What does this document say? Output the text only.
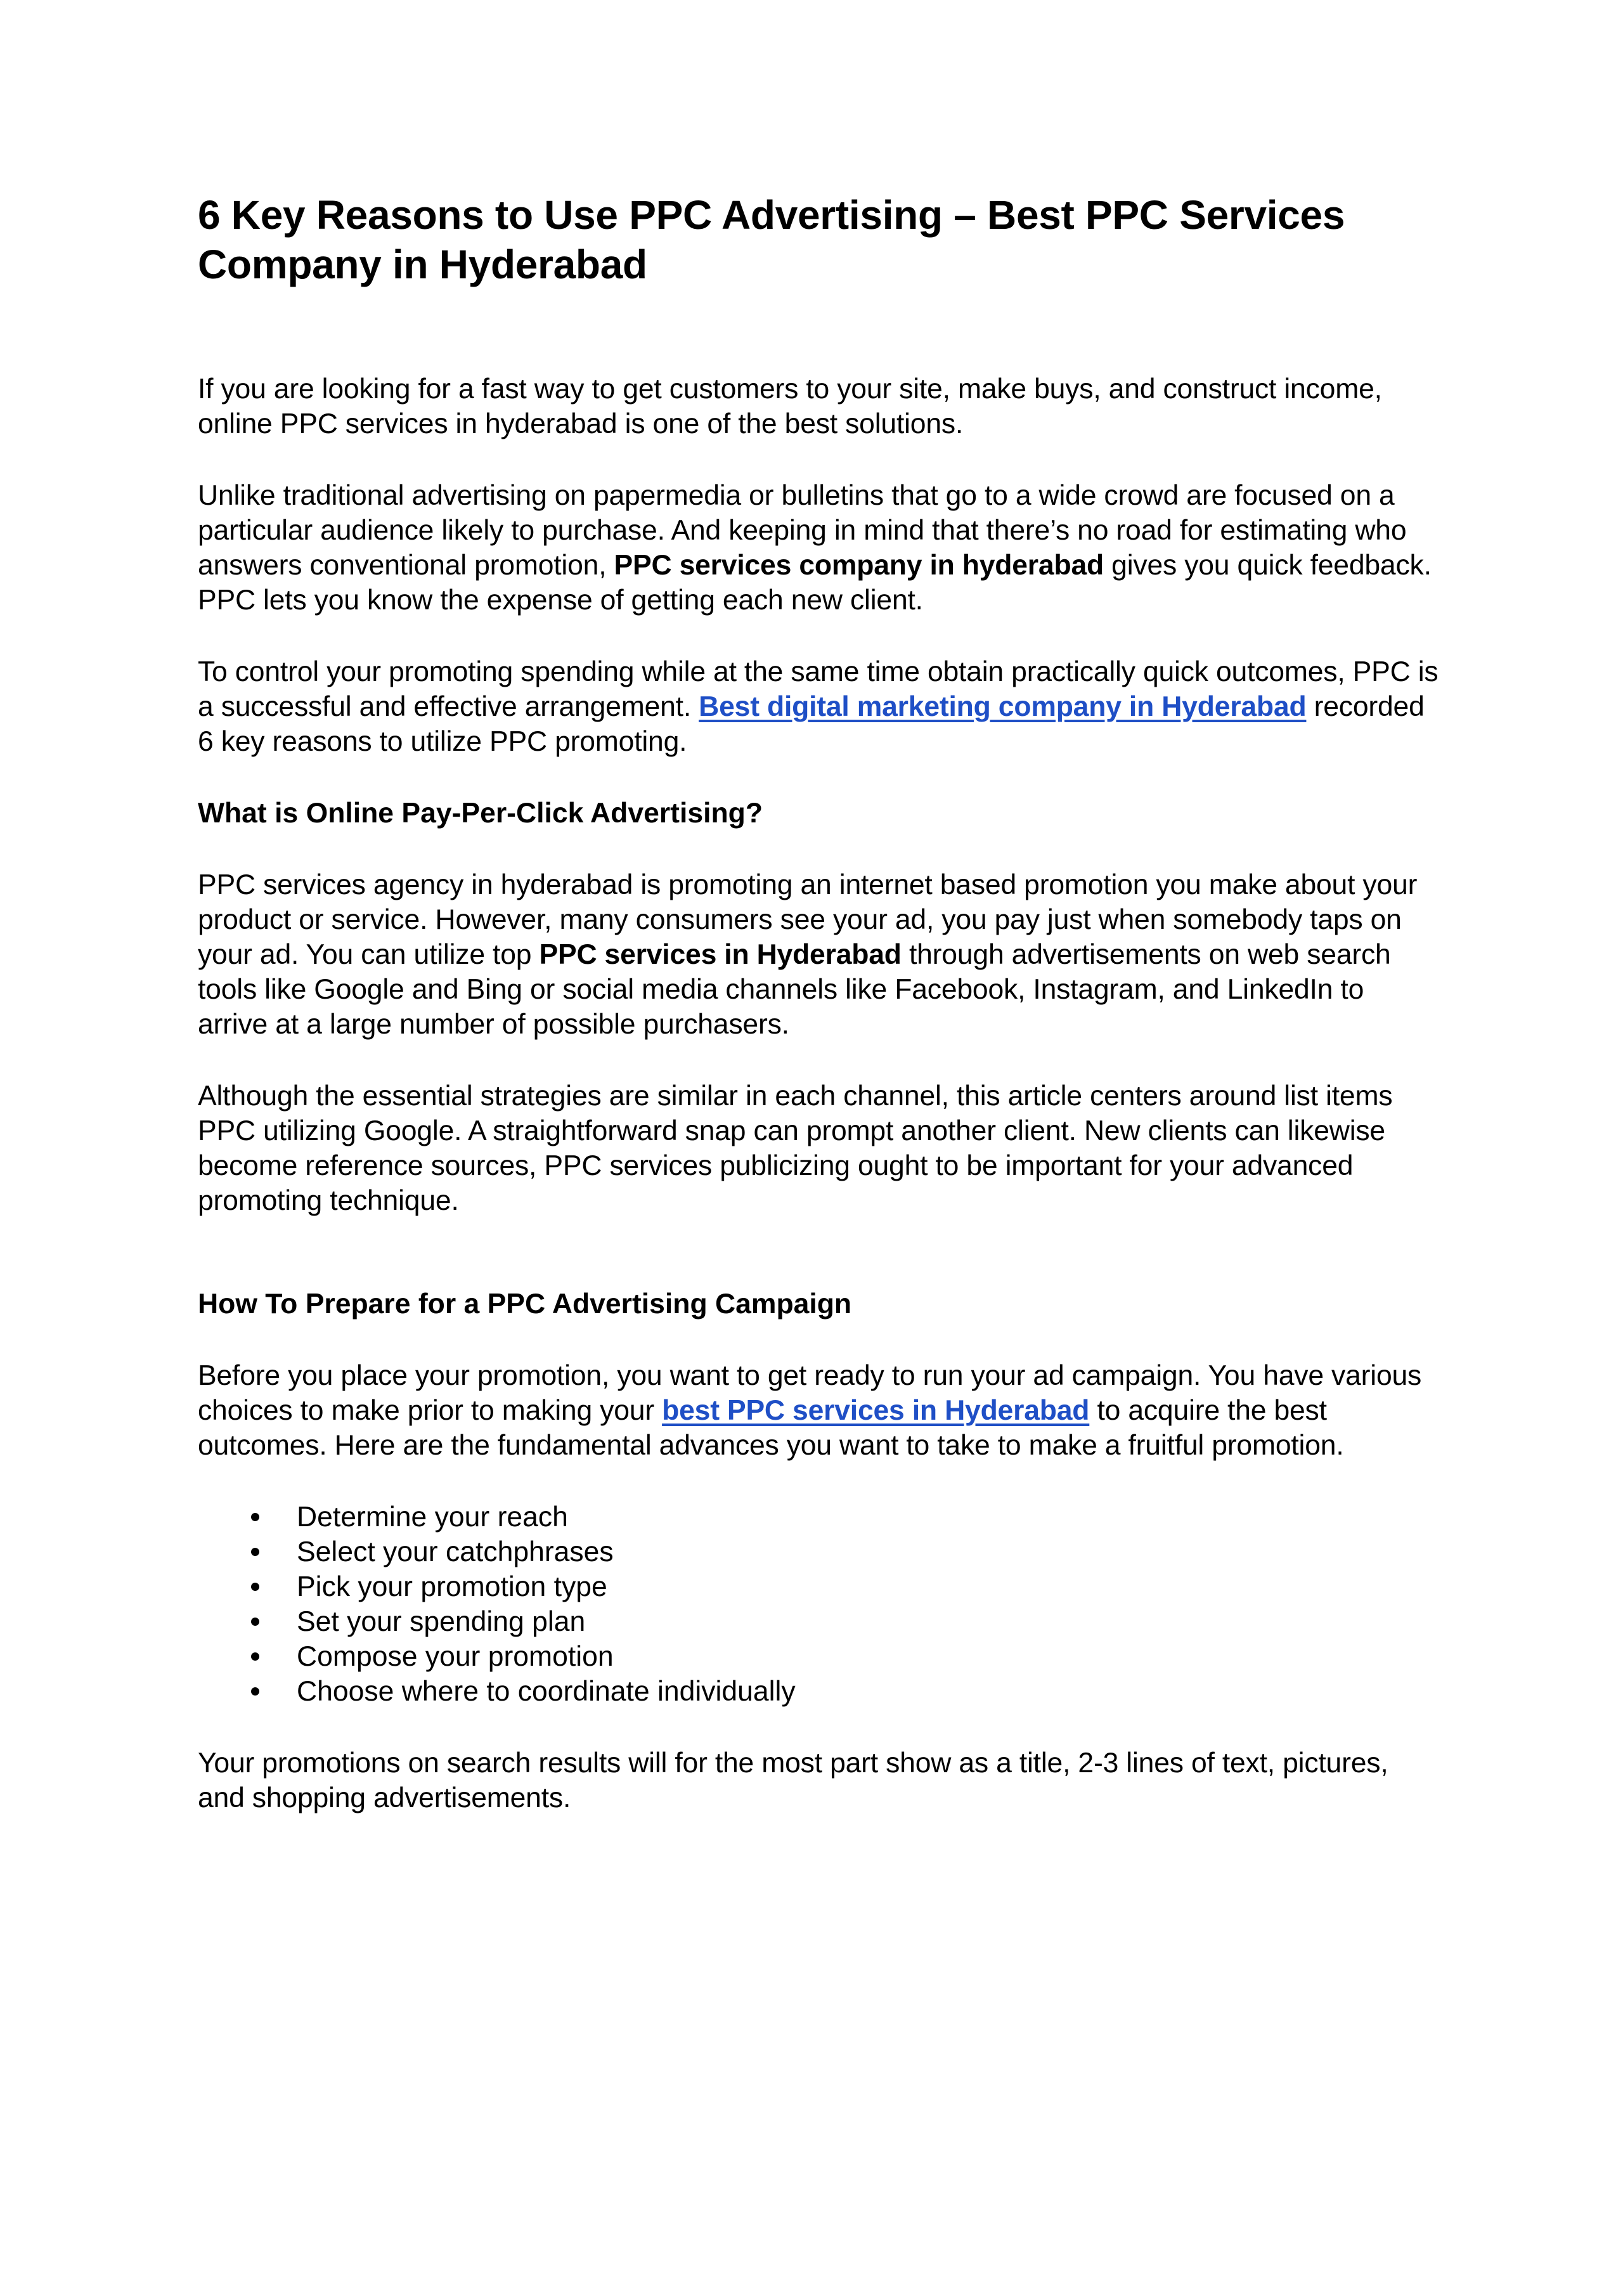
6 Key Reasons to Use PPC Advertising – Best PPC Services Company in Hyderabad

If you are looking for a fast way to get customers to your site, make buys, and construct income, online PPC services in hyderabad is one of the best solutions.

Unlike traditional advertising on papermedia or bulletins that go to a wide crowd are focused on a particular audience likely to purchase. And keeping in mind that there’s no road for estimating who answers conventional promotion, PPC services company in hyderabad gives you quick feedback. PPC lets you know the expense of getting each new client.

To control your promoting spending while at the same time obtain practically quick outcomes, PPC is a successful and effective arrangement. Best digital marketing company in Hyderabad recorded 6 key reasons to utilize PPC promoting.

What is Online Pay-Per-Click Advertising?

PPC services agency in hyderabad is promoting an internet based promotion you make about your product or service. However, many consumers see your ad, you pay just when somebody taps on your ad. You can utilize top PPC services in Hyderabad through advertisements on web search tools like Google and Bing or social media channels like Facebook, Instagram, and LinkedIn to arrive at a large number of possible purchasers.

Although the essential strategies are similar in each channel, this article centers around list items PPC utilizing Google. A straightforward snap can prompt another client. New clients can likewise become reference sources, PPC services publicizing ought to be important for your advanced promoting technique.

How To Prepare for a PPC Advertising Campaign

Before you place your promotion, you want to get ready to run your ad campaign. You have various choices to make prior to making your best PPC services in Hyderabad to acquire the best outcomes. Here are the fundamental advances you want to take to make a fruitful promotion.

Determine your reach
Select your catchphrases
Pick your promotion type
Set your spending plan
Compose your promotion
Choose where to coordinate individually

Your promotions on search results will for the most part show as a title, 2-3 lines of text, pictures, and shopping advertisements.
